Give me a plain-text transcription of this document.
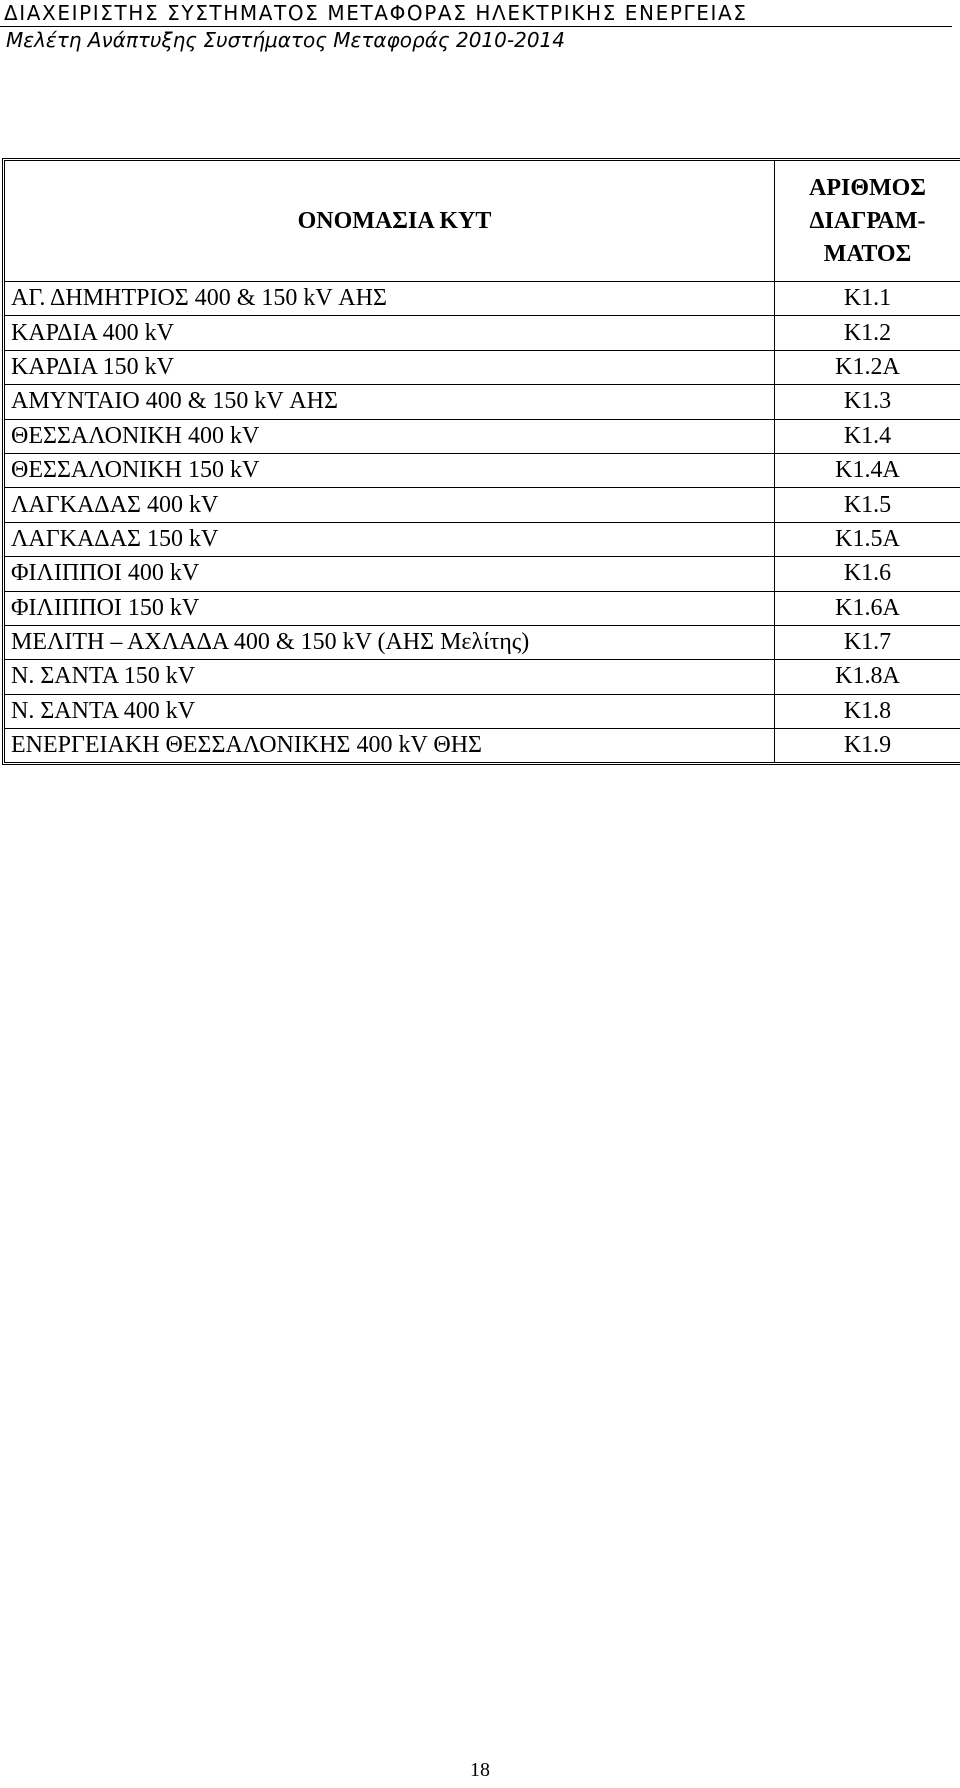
ΔΙΑΧΕΙΡΙΣΤΗΣ ΣΥΣΤΗΜΑΤΟΣ ΜΕΤΑΦΟΡΑΣ ΗΛΕΚΤΡΙΚΗΣ ΕΝΕΡΓΕΙΑΣ
Μελέτη Ανάπτυξης Συστήματος Μεταφοράς 2010-2014
ΟΝΟΜΑΣΙΑ ΚΥΤ	ΑΡΙΘΜΟΣ
ΔΙΑΓΡΑΜ-
ΜΑΤΟΣ

ΑΓ. ΔΗΜΗΤΡΙΟΣ 400 & 150 kV ΑΗΣ	Κ1.1
ΚΑΡΔΙΑ 400 kV	Κ1.2
ΚΑΡΔΙΑ 150 kV	Κ1.2Α
ΑΜΥΝΤΑΙΟ 400 & 150 kV ΑΗΣ	Κ1.3
ΘΕΣΣΑΛΟΝΙΚΗ 400 kV	Κ1.4
ΘΕΣΣΑΛΟΝΙΚΗ 150 kV	Κ1.4Α
ΛΑΓΚΑΔΑΣ 400 kV	Κ1.5
ΛΑΓΚΑΔΑΣ 150 kV	Κ1.5Α
ΦΙΛΙΠΠΟΙ 400 kV	Κ1.6
ΦΙΛΙΠΠΟΙ 150 kV	Κ1.6Α
ΜΕΛΙΤΗ – ΑΧΛΑΔΑ 400 & 150 kV (ΑΗΣ Μελίτης)	Κ1.7
Ν. ΣΑΝΤΑ 150 kV	Κ1.8Α
Ν. ΣΑΝΤΑ 400 kV	Κ1.8
ΕΝΕΡΓΕΙΑΚΗ ΘΕΣΣΑΛΟΝΙΚΗΣ 400 kV ΘΗΣ	Κ1.9
18
